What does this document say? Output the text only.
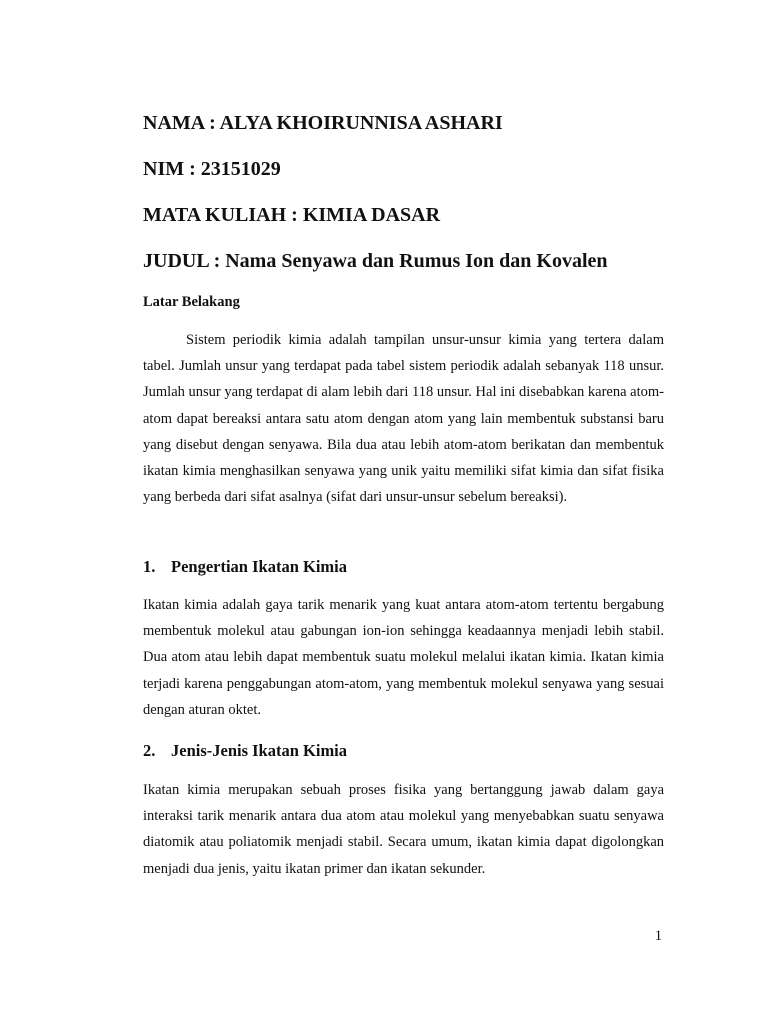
NAMA : ALYA KHOIRUNNISA ASHARI
NIM : 23151029
MATA KULIAH : KIMIA DASAR
JUDUL : Nama Senyawa dan Rumus Ion dan Kovalen
Latar Belakang

Sistem periodik kimia adalah tampilan unsur-unsur kimia yang tertera dalam tabel. Jumlah unsur yang terdapat pada tabel sistem periodik adalah sebanyak 118 unsur. Jumlah unsur yang terdapat di alam lebih dari 118 unsur. Hal ini disebabkan karena atom-atom dapat bereaksi antara satu atom dengan atom yang lain membentuk substansi baru yang disebut dengan senyawa. Bila dua atau lebih atom-atom berikatan dan membentuk ikatan kimia menghasilkan senyawa yang unik yaitu memiliki sifat kimia dan sifat fisika yang berbeda dari sifat asalnya (sifat dari unsur-unsur sebelum bereaksi).

1. Pengertian Ikatan Kimia

Ikatan kimia adalah gaya tarik menarik yang kuat antara atom-atom tertentu bergabung membentuk molekul atau gabungan ion-ion sehingga keadaannya menjadi lebih stabil. Dua atom atau lebih dapat membentuk suatu molekul melalui ikatan kimia. Ikatan kimia terjadi karena penggabungan atom-atom, yang membentuk molekul senyawa yang sesuai dengan aturan oktet.

2. Jenis-Jenis Ikatan Kimia

Ikatan kimia merupakan sebuah proses fisika yang bertanggung jawab dalam gaya interaksi tarik menarik antara dua atom atau molekul yang menyebabkan suatu senyawa diatomik atau poliatomik menjadi stabil. Secara umum, ikatan kimia dapat digolongkan menjadi dua jenis, yaitu ikatan primer dan ikatan sekunder.

1
